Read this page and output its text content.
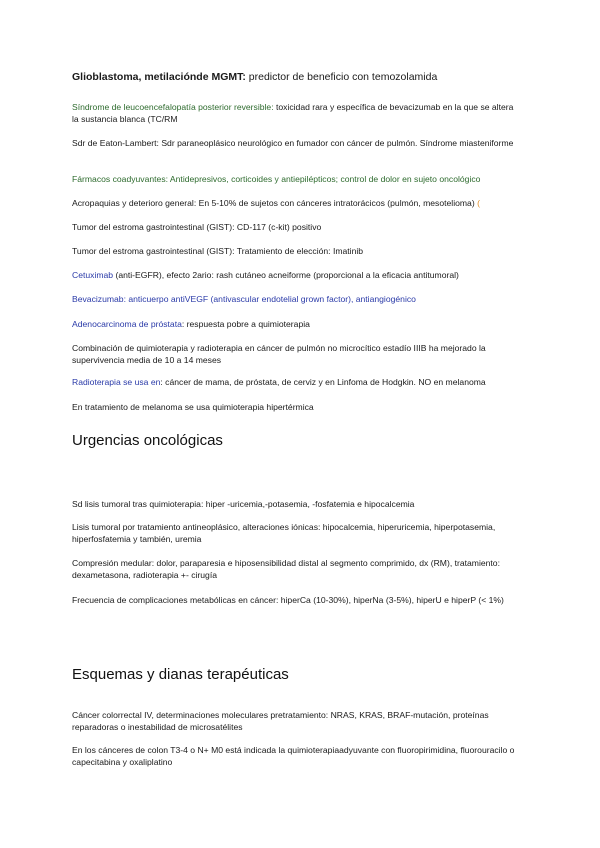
Glioblastoma, metilaciónde MGMT: predictor de beneficio con temozolamida

Síndrome de leucoencefalopatía posterior reversible: toxicidad rara y específica de bevacizumab en la que se altera la sustancia blanca (TC/RM

Sdr de Eaton-Lambert: Sdr paraneoplásico neurológico en fumador con cáncer de pulmón. Síndrome miasteniforme

Fármacos coadyuvantes: Antidepresivos, corticoides y antiepilépticos; control de dolor en sujeto oncológico

Acropaquias y deterioro general: En 5-10% de sujetos con cánceres intratorácicos (pulmón, mesotelioma) (

Tumor del estroma gastrointestinal (GIST): CD-117 (c-kit) positivo

Tumor del estroma gastrointestinal (GIST): Tratamiento de elección: Imatinib

Cetuximab (anti-EGFR), efecto 2ario: rash cutáneo acneiforme (proporcional a la eficacia antitumoral)

Bevacizumab: anticuerpo antiVEGF (antivascular endotelial grown factor), antiangiogénico

Adenocarcinoma de próstata: respuesta pobre a quimioterapia

Combinación de quimioterapia y radioterapia en cáncer de pulmón no microcítico estadío IIIB ha mejorado la supervivencia media de 10 a 14 meses

Radioterapia se usa en: cáncer de mama, de próstata, de cerviz y en Linfoma de Hodgkin. NO en melanoma

En tratamiento de melanoma se usa quimioterapia hipertérmica

Urgencias oncológicas

Sd lisis tumoral tras quimioterapia: hiper -uricemia,-potasemia, -fosfatemia e hipocalcemia

Lisis tumoral por tratamiento antineoplásico, alteraciones iónicas: hipocalcemia, hiperuricemia, hiperpotasemia, hiperfosfatemia y también, uremia

Compresión medular: dolor, paraparesia e hiposensibilidad distal al segmento comprimido, dx (RM), tratamiento: dexametasona, radioterapia +- cirugía

Frecuencia de complicaciones metabólicas en cáncer: hiperCa (10-30%), hiperNa (3-5%), hiperU e hiperP (< 1%)

Esquemas y dianas terapéuticas

Cáncer colorrectal IV, determinaciones moleculares pretratamiento: NRAS, KRAS, BRAF-mutación, proteínas reparadoras o inestabilidad de microsatélites

En los cánceres de colon T3-4 o N+ M0 está indicada la quimioterapiaadyuvante con fluoropirimidina, fluorouracilo o capecitabina y oxaliplatino
